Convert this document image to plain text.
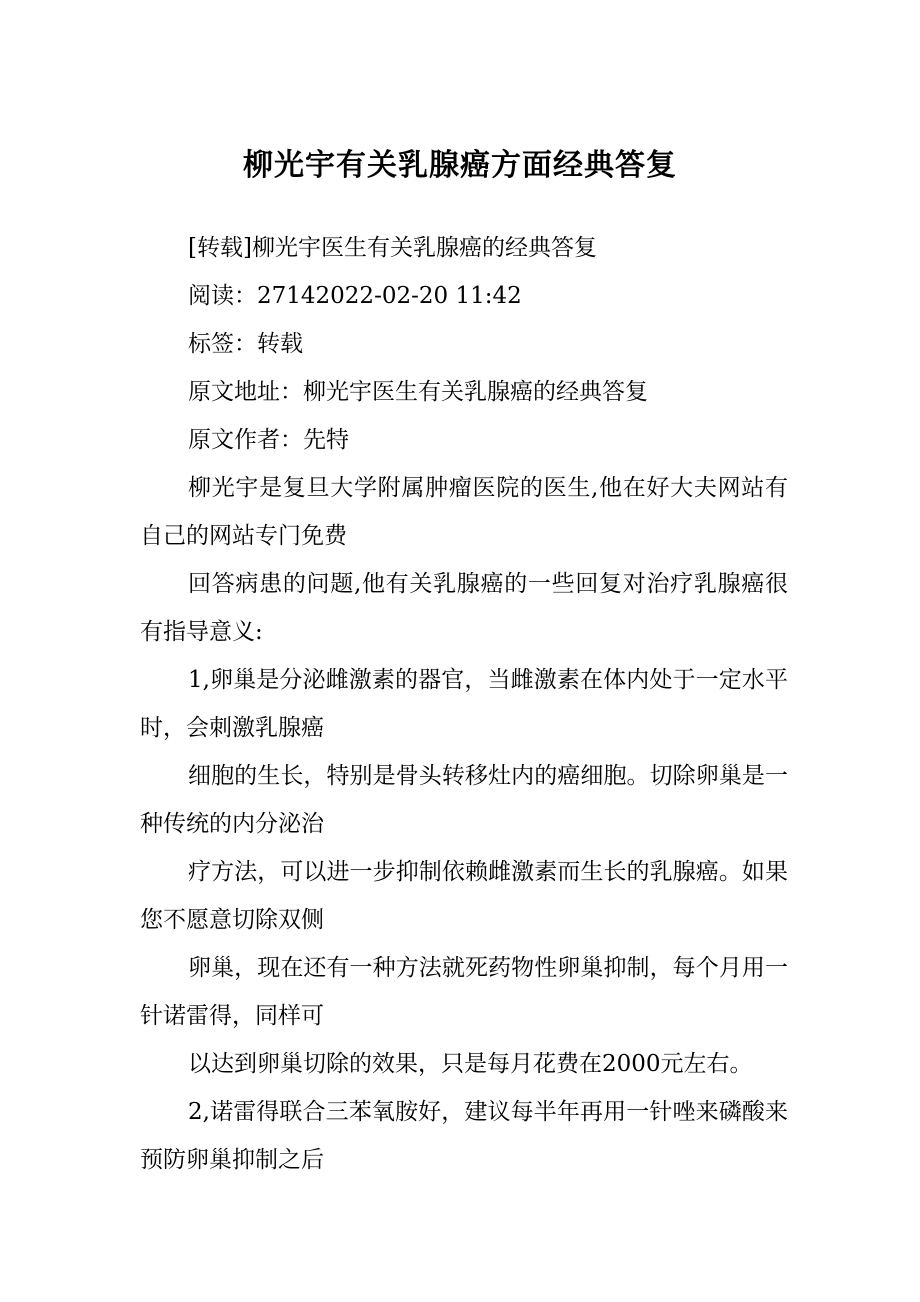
柳光宇有关乳腺癌方面经典答复

[转载]柳光宇医生有关乳腺癌的经典答复

阅读：27142022-02-20 11:42

标签：转载

原文地址：柳光宇医生有关乳腺癌的经典答复

原文作者：先特

柳光宇是复旦大学附属肿瘤医院的医生,他在好大夫网站有自己的网站专门免费

回答病患的问题,他有关乳腺癌的一些回复对治疗乳腺癌很有指导意义:

1,卵巢是分泌雌激素的器官，当雌激素在体内处于一定水平时，会刺激乳腺癌

细胞的生长，特别是骨头转移灶内的癌细胞。切除卵巢是一种传统的内分泌治

疗方法，可以进一步抑制依赖雌激素而生长的乳腺癌。如果您不愿意切除双侧

卵巢，现在还有一种方法就死药物性卵巢抑制，每个月用一针诺雷得，同样可

以达到卵巢切除的效果，只是每月花费在2000元左右。

2,诺雷得联合三苯氧胺好，建议每半年再用一针唑来磷酸来预防卵巢抑制之后
